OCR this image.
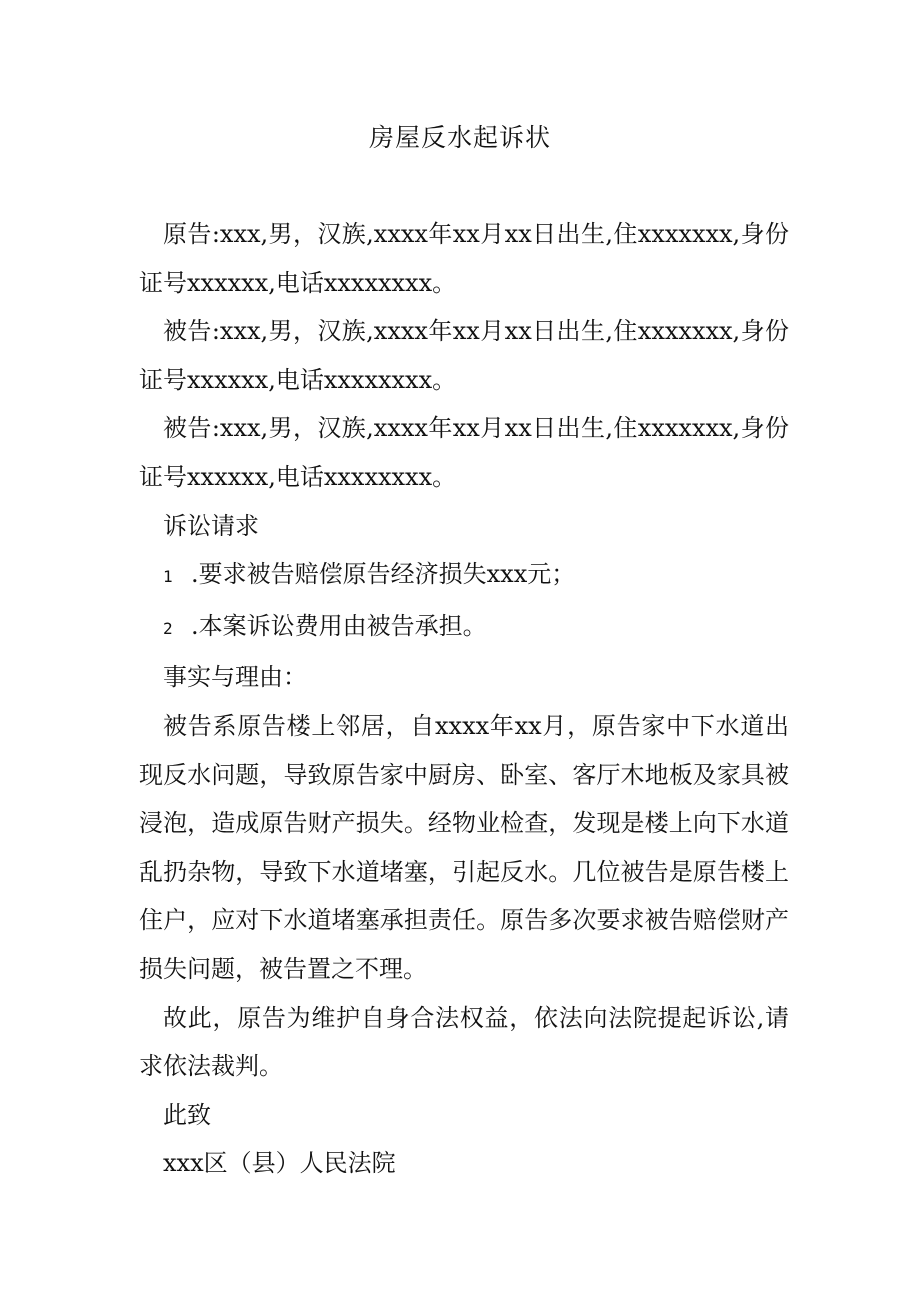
房屋反水起诉状

原告:xxx,男，汉族,xxxx年xx月xx日出生,住xxxxxxx,身份证号xxxxxx,电话xxxxxxxx。

被告:xxx,男，汉族,xxxx年xx月xx日出生,住xxxxxxx,身份证号xxxxxx,电话xxxxxxxx。

被告:xxx,男，汉族,xxxx年xx月xx日出生,住xxxxxxx,身份证号xxxxxx,电话xxxxxxxx。

诉讼请求

1 .要求被告赔偿原告经济损失xxx元；

2 .本案诉讼费用由被告承担。

事实与理由：

被告系原告楼上邻居，自xxxx年xx月，原告家中下水道出现反水问题，导致原告家中厨房、卧室、客厅木地板及家具被浸泡，造成原告财产损失。经物业检查，发现是楼上向下水道乱扔杂物，导致下水道堵塞，引起反水。几位被告是原告楼上住户，应对下水道堵塞承担责任。原告多次要求被告赔偿财产损失问题，被告置之不理。

故此，原告为维护自身合法权益，依法向法院提起诉讼,请求依法裁判。

此致

xxx区（县）人民法院
